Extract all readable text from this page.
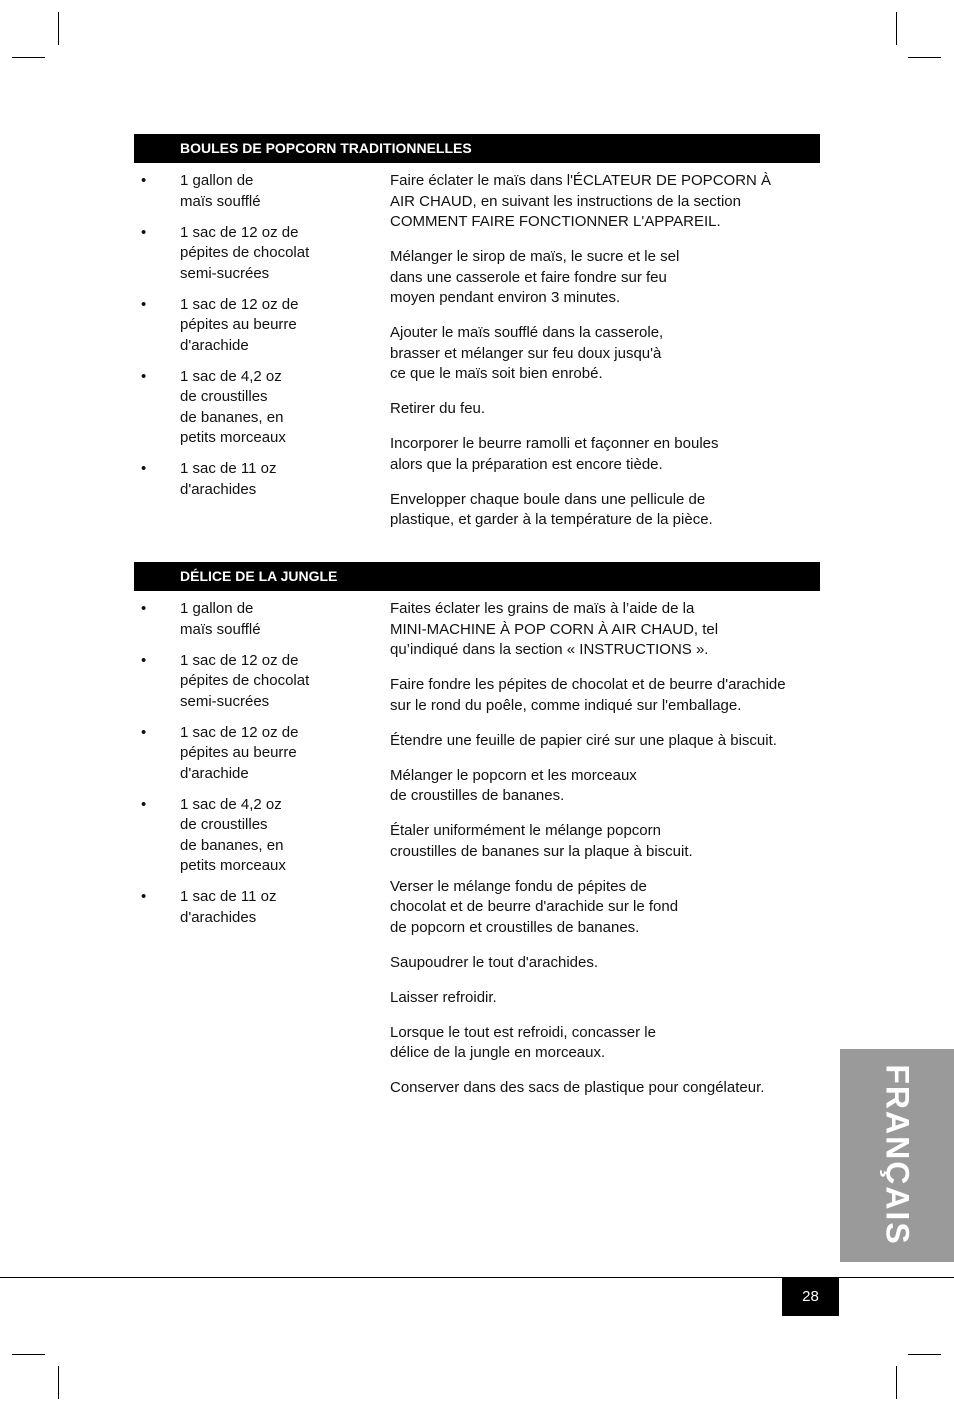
BOULES DE POPCORN TRADITIONNELLES
• 1 gallon de
maïs soufflé
• 1 sac de 12 oz de
pépites de chocolat
semi-sucrées
• 1 sac de 12 oz de
pépites au beurre
d'arachide
• 1 sac de 4,2 oz
de croustilles
de bananes, en
petits morceaux
• 1 sac de 11 oz
d'arachides

Faire éclater le maïs dans l'ÉCLATEUR DE POPCORN À
AIR CHAUD, en suivant les instructions de la section
COMMENT FAIRE FONCTIONNER L'APPAREIL.

Mélanger le sirop de maïs, le sucre et le sel
dans une casserole et faire fondre sur feu
moyen pendant environ 3 minutes.

Ajouter le maïs soufflé dans la casserole,
brasser et mélanger sur feu doux jusqu'à
ce que le maïs soit bien enrobé.

Retirer du feu.

Incorporer le beurre ramolli et façonner en boules
alors que la préparation est encore tiède.

Envelopper chaque boule dans une pellicule de
plastique, et garder à la température de la pièce.

DÉLICE DE LA JUNGLE
• 1 gallon de
maïs soufflé
• 1 sac de 12 oz de
pépites de chocolat
semi-sucrées
• 1 sac de 12 oz de
pépites au beurre
d'arachide
• 1 sac de 4,2 oz
de croustilles
de bananes, en
petits morceaux
• 1 sac de 11 oz
d'arachides

Faites éclater les grains de maïs à l’aide de la
MINI-MACHINE À POP CORN À AIR CHAUD, tel
qu’indiqué dans la section « INSTRUCTIONS ».

Faire fondre les pépites de chocolat et de beurre d'arachide
sur le rond du poêle, comme indiqué sur l'emballage.

Étendre une feuille de papier ciré sur une plaque à biscuit.

Mélanger le popcorn et les morceaux
de croustilles de bananes.

Étaler uniformément le mélange popcorn
croustilles de bananes sur la plaque à biscuit.

Verser le mélange fondu de pépites de
chocolat et de beurre d'arachide sur le fond
de popcorn et croustilles de bananes.

Saupoudrer le tout d'arachides.

Laisser refroidir.

Lorsque le tout est refroidi, concasser le
délice de la jungle en morceaux.

Conserver dans des sacs de plastique pour congélateur.	FRANÇAIS
28
